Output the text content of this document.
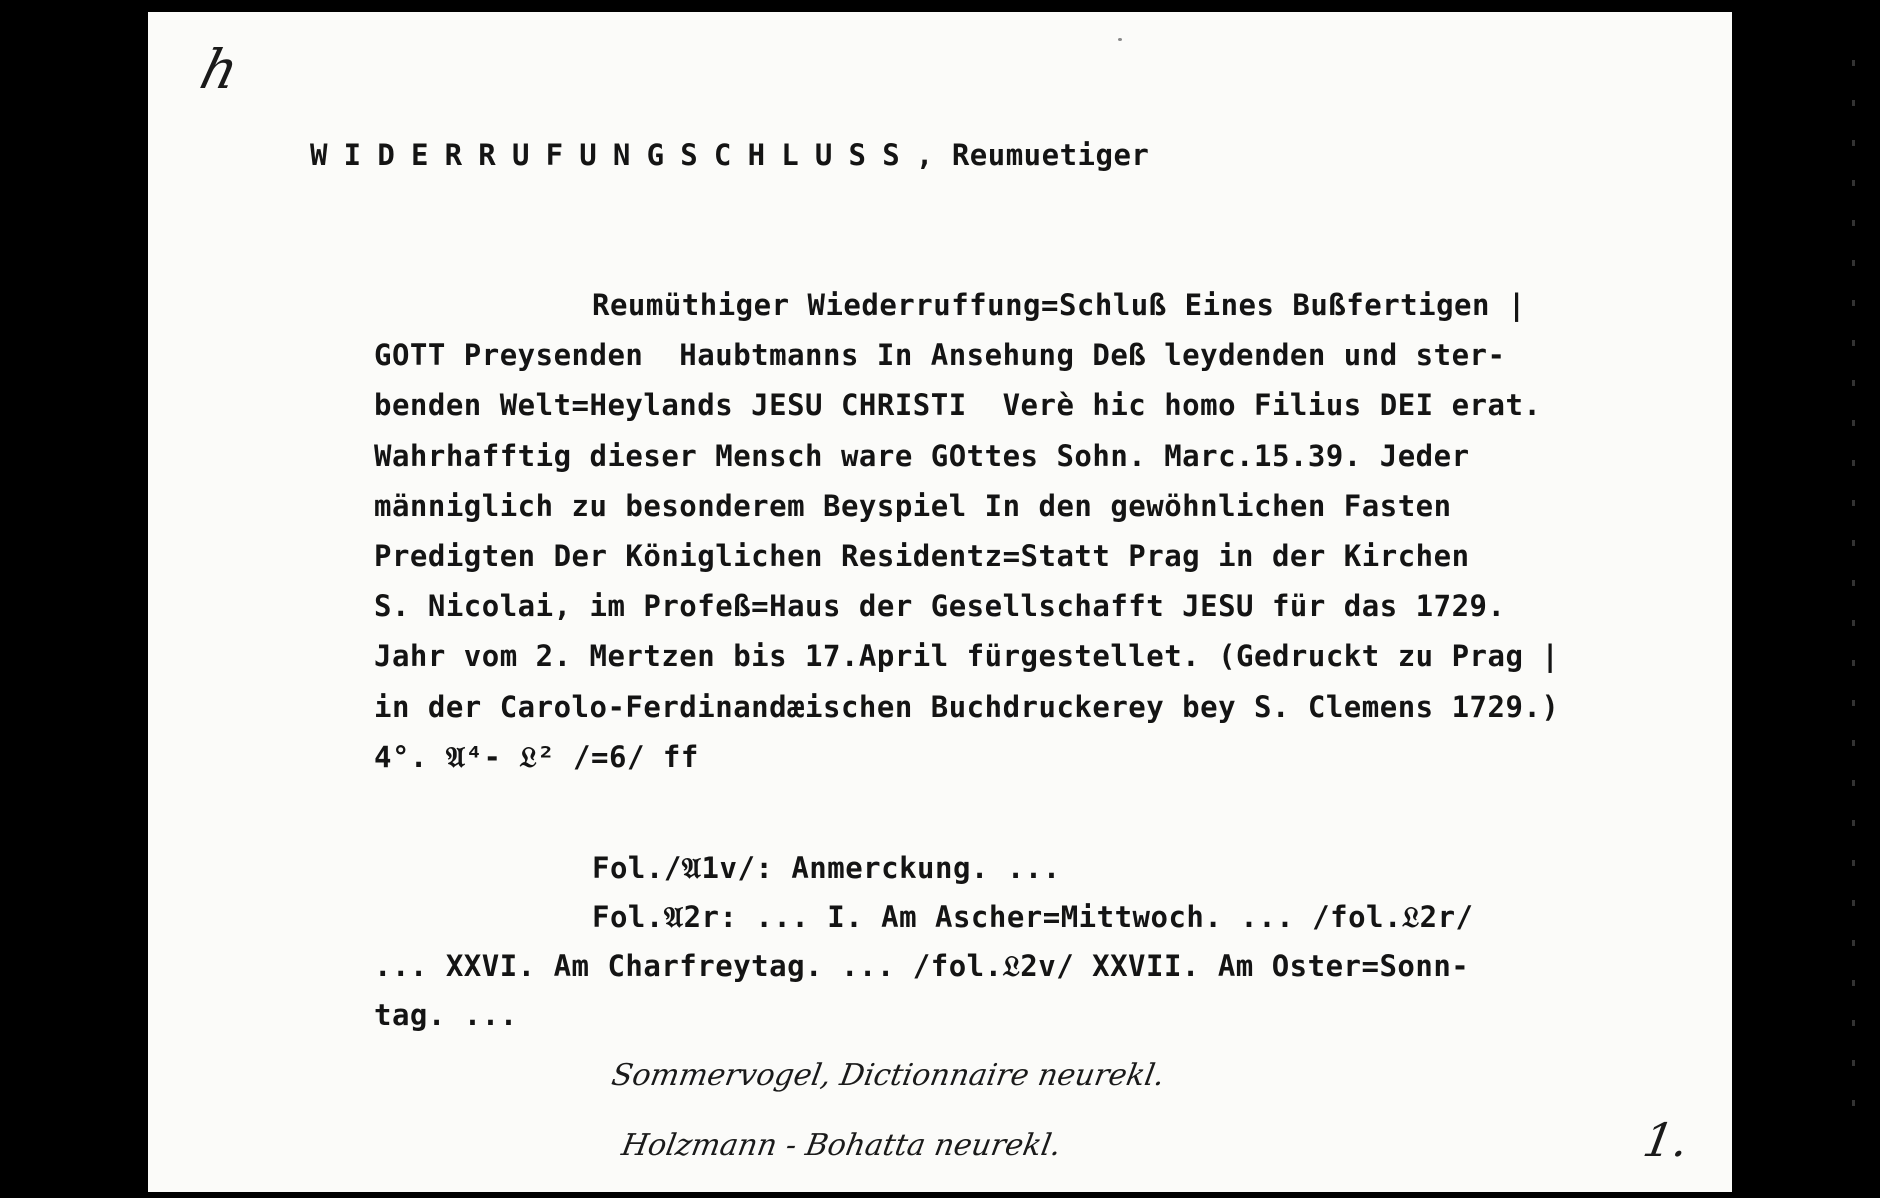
h
WIDERRUFUNGSCHLUSS, Reumuetiger
Reumüthiger Wiederruffung=Schluß Eines Bußfertigen |
GOTT Preysenden  Haubtmanns In Ansehung Deß leydenden und ster-
benden Welt=Heylands JESU CHRISTI  Verè hic homo Filius DEI erat.
Wahrhafftig dieser Mensch ware GOttes Sohn. Marc.15.39. Jeder
männiglich zu besonderem Beyspiel In den gewöhnlichen Fasten
Predigten Der Königlichen Residentz=Statt Prag in der Kirchen
S. Nicolai, im Profeß=Haus der Gesellschafft JESU für das 1729.
Jahr vom 2. Mertzen bis 17.April fürgestellet. (Gedruckt zu Prag |
in der Carolo-Ferdinandæischen Buchdruckerey bey S. Clemens 1729.)
4°. 𝔄⁴- 𝔏² /=6/ ff
Fol./𝔄1v/: Anmerckung. ...
Fol.𝔄2r: ... I. Am Ascher=Mittwoch. ... /fol.𝔏2r/
... XXVI. Am Charfreytag. ... /fol.𝔏2v/ XXVII. Am Oster=Sonn-
tag. ...
Sommervogel, Dictionnaire neurekl.
Holzmann - Bohatta neurekl.	1.
